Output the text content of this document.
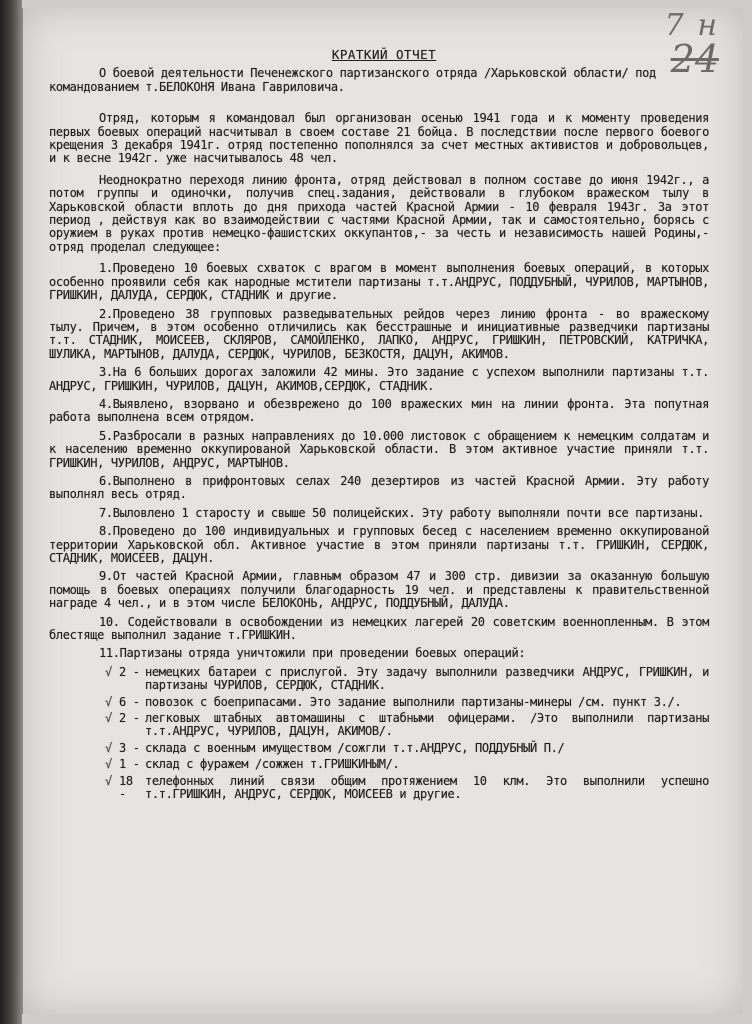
7 н
24
КРАТКИЙ ОТЧЕТ
О боевой деятельности Печенежского партизанского отряда /Харьковской области/ под командованием т.БЕЛОКОНЯ Ивана Гавриловича.
Отряд, которым я командовал был организован осенью 1941 года и к моменту проведения первых боевых операций насчитывал в своем составе 21 бойца. В последствии после первого боевого крещения 3 декабря 1941г. отряд постепенно пополнялся за счет местных активистов и добровольцев, и к весне 1942г. уже насчитывалось 48 чел.
Неоднократно переходя линию фронта, отряд действовал в полном составе до июня 1942г., а потом группы и одиночки, получив спец.задания, действовали в глубоком вражеском тылу в Харьковской области вплоть до дня прихода частей Красной Армии - 10 февраля 1943г. За этот период , действуя как во взаимодействии с частями Красной Армии, так и самостоятельно, борясь с оружием в руках против немецко-фашистских оккупантов,- за честь и независимость нашей Родины,- отряд проделал следующее:
1.Проведено 10 боевых схваток с врагом в момент выполнения боевых операций, в которых особенно проявили себя как народные мстители партизаны т.т.АНДРУС, ПОДДУБНЫЙ, ЧУРИЛОВ, МАРТЫНОВ, ГРИШКИН, ДАЛУДА, СЕРДЮК, СТАДНИК и другие.
2.Проведено 38 групповых разведывательных рейдов через линию фронта - во вражескому тылу. Причем, в этом особенно отличились как бесстрашные и инициативные разведчики партизаны т.т. СТАДНИК, МОИСЕЕВ, СКЛЯРОВ, САМОЙЛЕНКО, ЛАПКО, АНДРУС, ГРИШКИН, ПЕТРОВСКИЙ, КАТРИЧКА, ШУЛИКА, МАРТЫНОВ, ДАЛУДА, СЕРДЮК, ЧУРИЛОВ, БЕЗКОСТЯ, ДАЦУН, АКИМОВ.
3.На 6 больших дорогах заложили 42 мины. Это задание с успехом выполнили партизаны т.т. АНДРУС, ГРИШКИН, ЧУРИЛОВ, ДАЦУН, АКИМОВ,СЕРДЮК, СТАДНИК.
4.Выявлено, взорвано и обезврежено до 100 вражеских мин на линии фронта. Эта попутная работа выполнена всем отрядом.
5.Разбросали в разных направлениях до 10.000 листовок с обращением к немецким солдатам и к населению временно оккупированой Харьковской области. В этом активное участие приняли т.т. ГРИШКИН, ЧУРИЛОВ, АНДРУС, МАРТЫНОВ.
6.Выполнено в прифронтовых селах 240 дезертиров из частей Красной Армии. Эту работу выполнял весь отряд.
7.Выловлено 1 старосту и свыше 50 полицейских. Эту работу выполняли почти все партизаны.
8.Проведено до 100 индивидуальных и групповых бесед с населением временно оккупированой территории Харьковской обл. Активное участие в этом приняли партизаны т.т. ГРИШКИН, СЕРДЮК, СТАДНИК, МОИСЕЕВ, ДАЦУН.
9.От частей Красной Армии, главным образом 47 и 300 стр. дивизии за оказанную большую помощь в боевых операциях получили благодарность 19 чел. и представлены к правительственной награде 4 чел., и в этом числе БЕЛОКОНЬ, АНДРУС, ПОДДУБНЫЙ, ДАЛУДА.
10. Содействовали в освобождении из немецких лагерей 20 советским военнопленным. В этом блестяще выполнил задание т.ГРИШКИН.
11.Партизаны отряда уничтожили при проведении боевых операций:
√ 2 - немецких батареи с прислугой. Эту задачу выполнили разведчики АНДРУС, ГРИШКИН, и партизаны ЧУРИЛОВ, СЕРДЮК, СТАДНИК.
√ 6 - повозок с боеприпасами. Это задание выполнили партизаны-минеры /см. пункт 3./.
√ 2 - легковых штабных автомашины с штабными офицерами. /Это выполнили партизаны т.т.АНДРУС, ЧУРИЛОВ, ДАЦУН, АКИМОВ/.
√ 3 - склада с военным имуществом /сожгли т.т.АНДРУС, ПОДДУБНЫЙ П./
√ 1 - склад с фуражем /сожжен т.ГРИШКИНЫМ/.
√ 18 -
телефонных линий связи общим протяжением 10 клм. Это выполнили успешно т.т.ГРИШКИН, АНДРУС, СЕРДЮК, МОИСЕЕВ и другие.
